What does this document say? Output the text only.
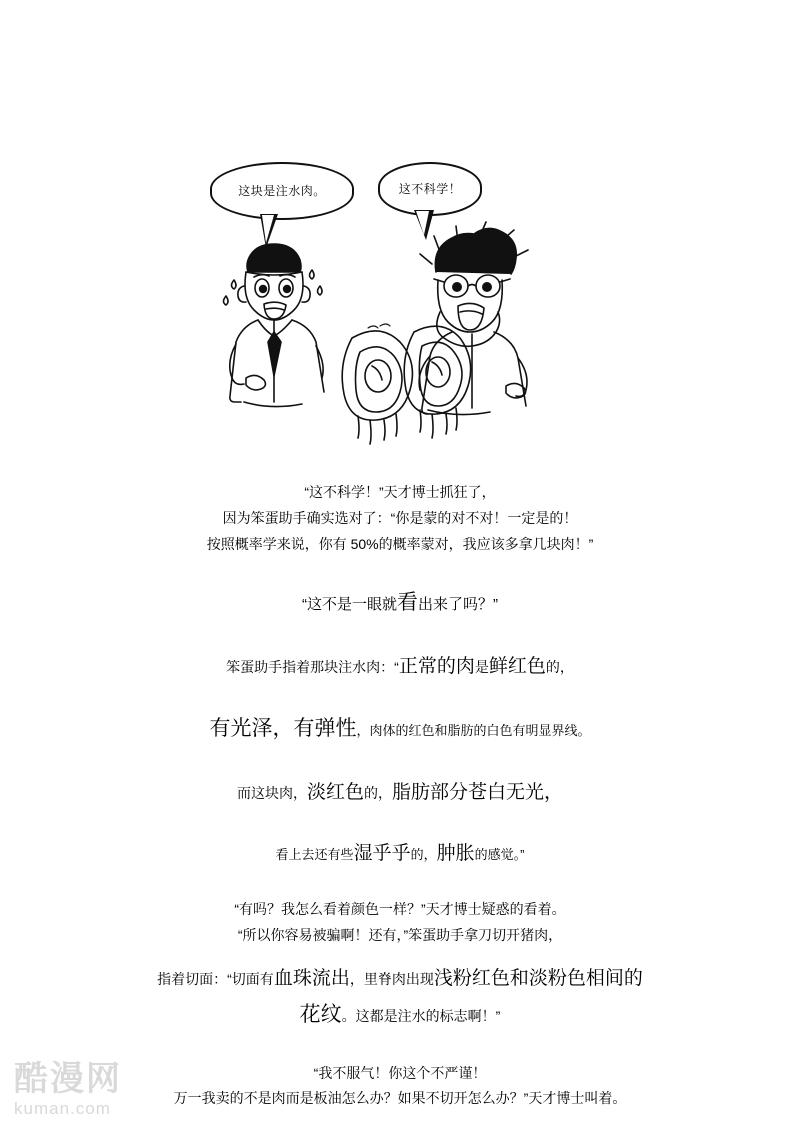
这块是注水肉。	这不科学！

“这不科学！”天才博士抓狂了，
因为笨蛋助手确实选对了：“你是蒙的对不对！一定是的！
按照概率学来说，你有 50%的概率蒙对，我应该多拿几块肉！”

“这不是一眼就看出来了吗？”

笨蛋助手指着那块注水肉：“正常的肉是鲜红色的，

有光泽，有弹性，肉体的红色和脂肪的白色有明显界线。

而这块肉，淡红色的，脂肪部分苍白无光，

看上去还有些湿乎乎的，肿胀的感觉。”

“有吗？我怎么看着颜色一样？”天才博士疑惑的看着。
“所以你容易被骗啊！还有，”笨蛋助手拿刀切开猪肉，

指着切面：“切面有血珠流出，里脊肉出现浅粉红色和淡粉色相间的
花纹。这都是注水的标志啊！”

“我不服气！你这个不严谨！
万一我卖的不是肉而是板油怎么办？如果不切开怎么办？”天才博士叫着。

酷漫网
kuman.com
